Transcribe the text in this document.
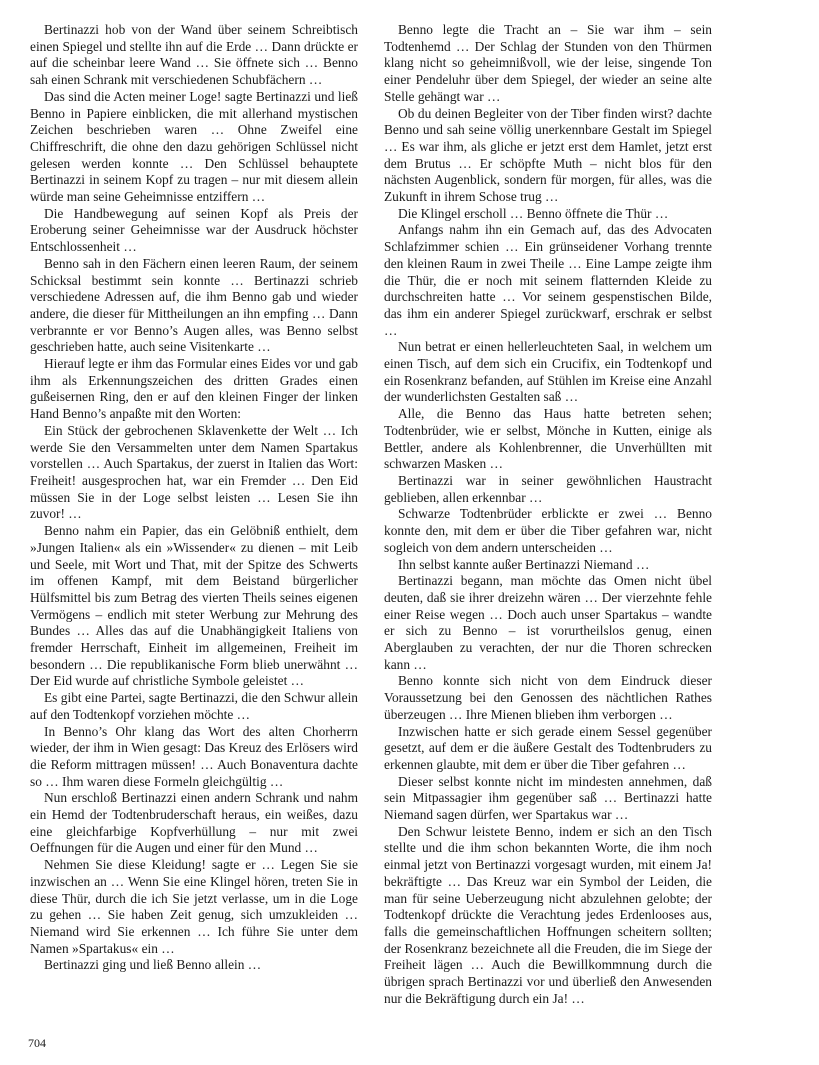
Bertinazzi hob von der Wand über seinem Schreibtisch einen Spiegel und stellte ihn auf die Erde … Dann drückte er auf die scheinbar leere Wand … Sie öffnete sich … Benno sah einen Schrank mit verschiedenen Schubfächern …

Das sind die Acten meiner Loge! sagte Bertinazzi und ließ Benno in Papiere einblicken, die mit allerhand mystischen Zeichen beschrieben waren … Ohne Zweifel eine Chiffreschrift, die ohne den dazu gehörigen Schlüssel nicht gelesen werden konnte … Den Schlüssel behauptete Bertinazzi in seinem Kopf zu tragen – nur mit diesem allein würde man seine Geheimnisse entziffern …

Die Handbewegung auf seinen Kopf als Preis der Eroberung seiner Geheimnisse war der Ausdruck höchster Entschlossenheit …

Benno sah in den Fächern einen leeren Raum, der seinem Schicksal bestimmt sein konnte … Bertinazzi schrieb verschiedene Adressen auf, die ihm Benno gab und wieder andere, die dieser für Mittheilungen an ihn empfing … Dann verbrannte er vor Benno’s Augen alles, was Benno selbst geschrieben hatte, auch seine Visitenkarte …

Hierauf legte er ihm das Formular eines Eides vor und gab ihm als Erkennungszeichen des dritten Grades einen gußeisernen Ring, den er auf den kleinen Finger der linken Hand Benno’s anpaßte mit den Worten:

Ein Stück der gebrochenen Sklavenkette der Welt … Ich werde Sie den Versammelten unter dem Namen Spartakus vorstellen … Auch Spartakus, der zuerst in Italien das Wort: Freiheit! ausgesprochen hat, war ein Fremder … Den Eid müssen Sie in der Loge selbst leisten … Lesen Sie ihn zuvor! …

Benno nahm ein Papier, das ein Gelöbniß enthielt, dem »Jungen Italien« als ein »Wissender« zu dienen – mit Leib und Seele, mit Wort und That, mit der Spitze des Schwerts im offenen Kampf, mit dem Beistand bürgerlicher Hülfsmittel bis zum Betrag des vierten Theils seines eigenen Vermögens – endlich mit steter Werbung zur Mehrung des Bundes … Alles das auf die Unabhängigkeit Italiens von fremder Herrschaft, Einheit im allgemeinen, Freiheit im besondern … Die republikanische Form blieb unerwähnt … Der Eid wurde auf christliche Symbole geleistet …

Es gibt eine Partei, sagte Bertinazzi, die den Schwur allein auf den Todtenkopf vorziehen möchte …

In Benno’s Ohr klang das Wort des alten Chorherrn wieder, der ihm in Wien gesagt: Das Kreuz des Erlösers wird die Reform mittragen müssen! … Auch Bonaventura dachte so … Ihm waren diese Formeln gleichgültig …

Nun erschloß Bertinazzi einen andern Schrank und nahm ein Hemd der Todtenbruderschaft heraus, ein weißes, dazu eine gleichfarbige Kopfverhüllung – nur mit zwei Oeffnungen für die Augen und einer für den Mund …

Nehmen Sie diese Kleidung! sagte er … Legen Sie sie inzwischen an … Wenn Sie eine Klingel hören, treten Sie in diese Thür, durch die ich Sie jetzt verlasse, um in die Loge zu gehen … Sie haben Zeit genug, sich umzukleiden … Niemand wird Sie erkennen … Ich führe Sie unter dem Namen »Spartakus« ein …

Bertinazzi ging und ließ Benno allein …

Benno legte die Tracht an – Sie war ihm – sein Todtenhemd … Der Schlag der Stunden von den Thürmen klang nicht so geheimnißvoll, wie der leise, singende Ton einer Pendeluhr über dem Spiegel, der wieder an seine alte Stelle gehängt war …

Ob du deinen Begleiter von der Tiber finden wirst? dachte Benno und sah seine völlig unerkennbare Gestalt im Spiegel … Es war ihm, als gliche er jetzt erst dem Hamlet, jetzt erst dem Brutus … Er schöpfte Muth – nicht blos für den nächsten Augenblick, sondern für morgen, für alles, was die Zukunft in ihrem Schose trug …

Die Klingel erscholl … Benno öffnete die Thür …

Anfangs nahm ihn ein Gemach auf, das des Advocaten Schlafzimmer schien … Ein grünseidener Vorhang trennte den kleinen Raum in zwei Theile … Eine Lampe zeigte ihm die Thür, die er noch mit seinem flatternden Kleide zu durchschreiten hatte … Vor seinem gespenstischen Bilde, das ihm ein anderer Spiegel zurückwarf, erschrak er selbst …

Nun betrat er einen hellerleuchteten Saal, in welchem um einen Tisch, auf dem sich ein Crucifix, ein Todtenkopf und ein Rosenkranz befanden, auf Stühlen im Kreise eine Anzahl der wunderlichsten Gestalten saß …

Alle, die Benno das Haus hatte betreten sehen; Todtenbrüder, wie er selbst, Mönche in Kutten, einige als Bettler, andere als Kohlenbrenner, die Unverhüllten mit schwarzen Masken …

Bertinazzi war in seiner gewöhnlichen Haustracht geblieben, allen erkennbar …

Schwarze Todtenbrüder erblickte er zwei … Benno konnte den, mit dem er über die Tiber gefahren war, nicht sogleich von dem andern unterscheiden …

Ihn selbst kannte außer Bertinazzi Niemand …

Bertinazzi begann, man möchte das Omen nicht übel deuten, daß sie ihrer dreizehn wären … Der vierzehnte fehle einer Reise wegen … Doch auch unser Spartakus – wandte er sich zu Benno – ist vorurtheilslos genug, einen Aberglauben zu verachten, der nur die Thoren schrecken kann …

Benno konnte sich nicht von dem Eindruck dieser Voraussetzung bei den Genossen des nächtlichen Rathes überzeugen … Ihre Mienen blieben ihm verborgen …

Inzwischen hatte er sich gerade einem Sessel gegenüber gesetzt, auf dem er die äußere Gestalt des Todtenbruders zu erkennen glaubte, mit dem er über die Tiber gefahren …

Dieser selbst konnte nicht im mindesten annehmen, daß sein Mitpassagier ihm gegenüber saß … Bertinazzi hatte Niemand sagen dürfen, wer Spartakus war …

Den Schwur leistete Benno, indem er sich an den Tisch stellte und die ihm schon bekannten Worte, die ihm noch einmal jetzt von Bertinazzi vorgesagt wurden, mit einem Ja! bekräftigte … Das Kreuz war ein Symbol der Leiden, die man für seine Ueberzeugung nicht abzulehnen gelobte; der Todtenkopf drückte die Verachtung jedes Erdenlooses aus, falls die gemeinschaftlichen Hoffnungen scheitern sollten; der Rosenkranz bezeichnete all die Freuden, die im Siege der Freiheit lägen … Auch die Bewillkommnung durch die übrigen sprach Bertinazzi vor und überließ den Anwesenden nur die Bekräftigung durch ein Ja! …

704
